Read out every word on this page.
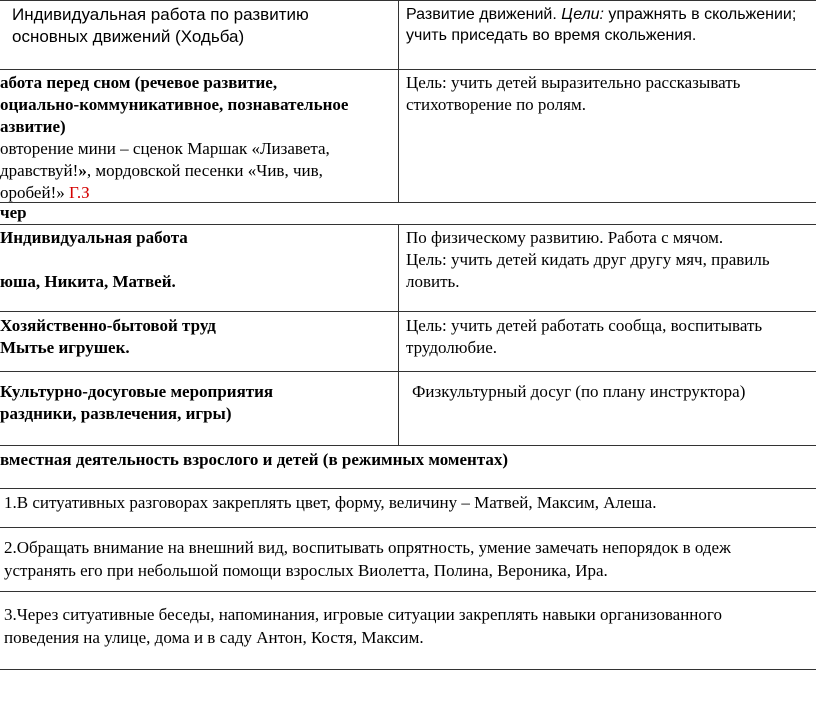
Индивидуальная работа по развитию
основных движений (Ходьба)
Развитие движений. Цели: упражнять в скольжении;
учить приседать во время скольжения.
абота перед сном (речевое развитие,
оциально-коммуникативное, познавательное
азвитие)
овторение мини – сценок Маршак «Лизавета,
дравствуй!», мордовской песенки «Чив, чив,
оробей!» Г.З
Цель: учить детей выразительно рассказывать
стихотворение по ролям.
чер
Индивидуальная работа
юша, Никита, Матвей.
По физическому развитию. Работа с мячом.
Цель: учить детей кидать друг другу мяч, правиль
ловить.
Хозяйственно-бытовой труд
Мытье игрушек.
Цель: учить детей работать сообща, воспитывать
трудолюбие.
Культурно-досуговые мероприятия
раздники, развлечения, игры)
Физкультурный досуг (по плану инструктора)
вместная деятельность взрослого и детей (в режимных моментах)
1.В ситуативных разговорах закреплять цвет, форму, величину – Матвей, Максим, Алеша.
2.Обращать внимание на внешний вид, воспитывать опрятность, умение замечать непорядок в одеж
устранять его при небольшой помощи взрослых Виолетта, Полина, Вероника, Ира.
3.Через ситуативные беседы, напоминания, игровые ситуации закреплять навыки организованного
поведения на улице, дома и в саду Антон, Костя, Максим.
